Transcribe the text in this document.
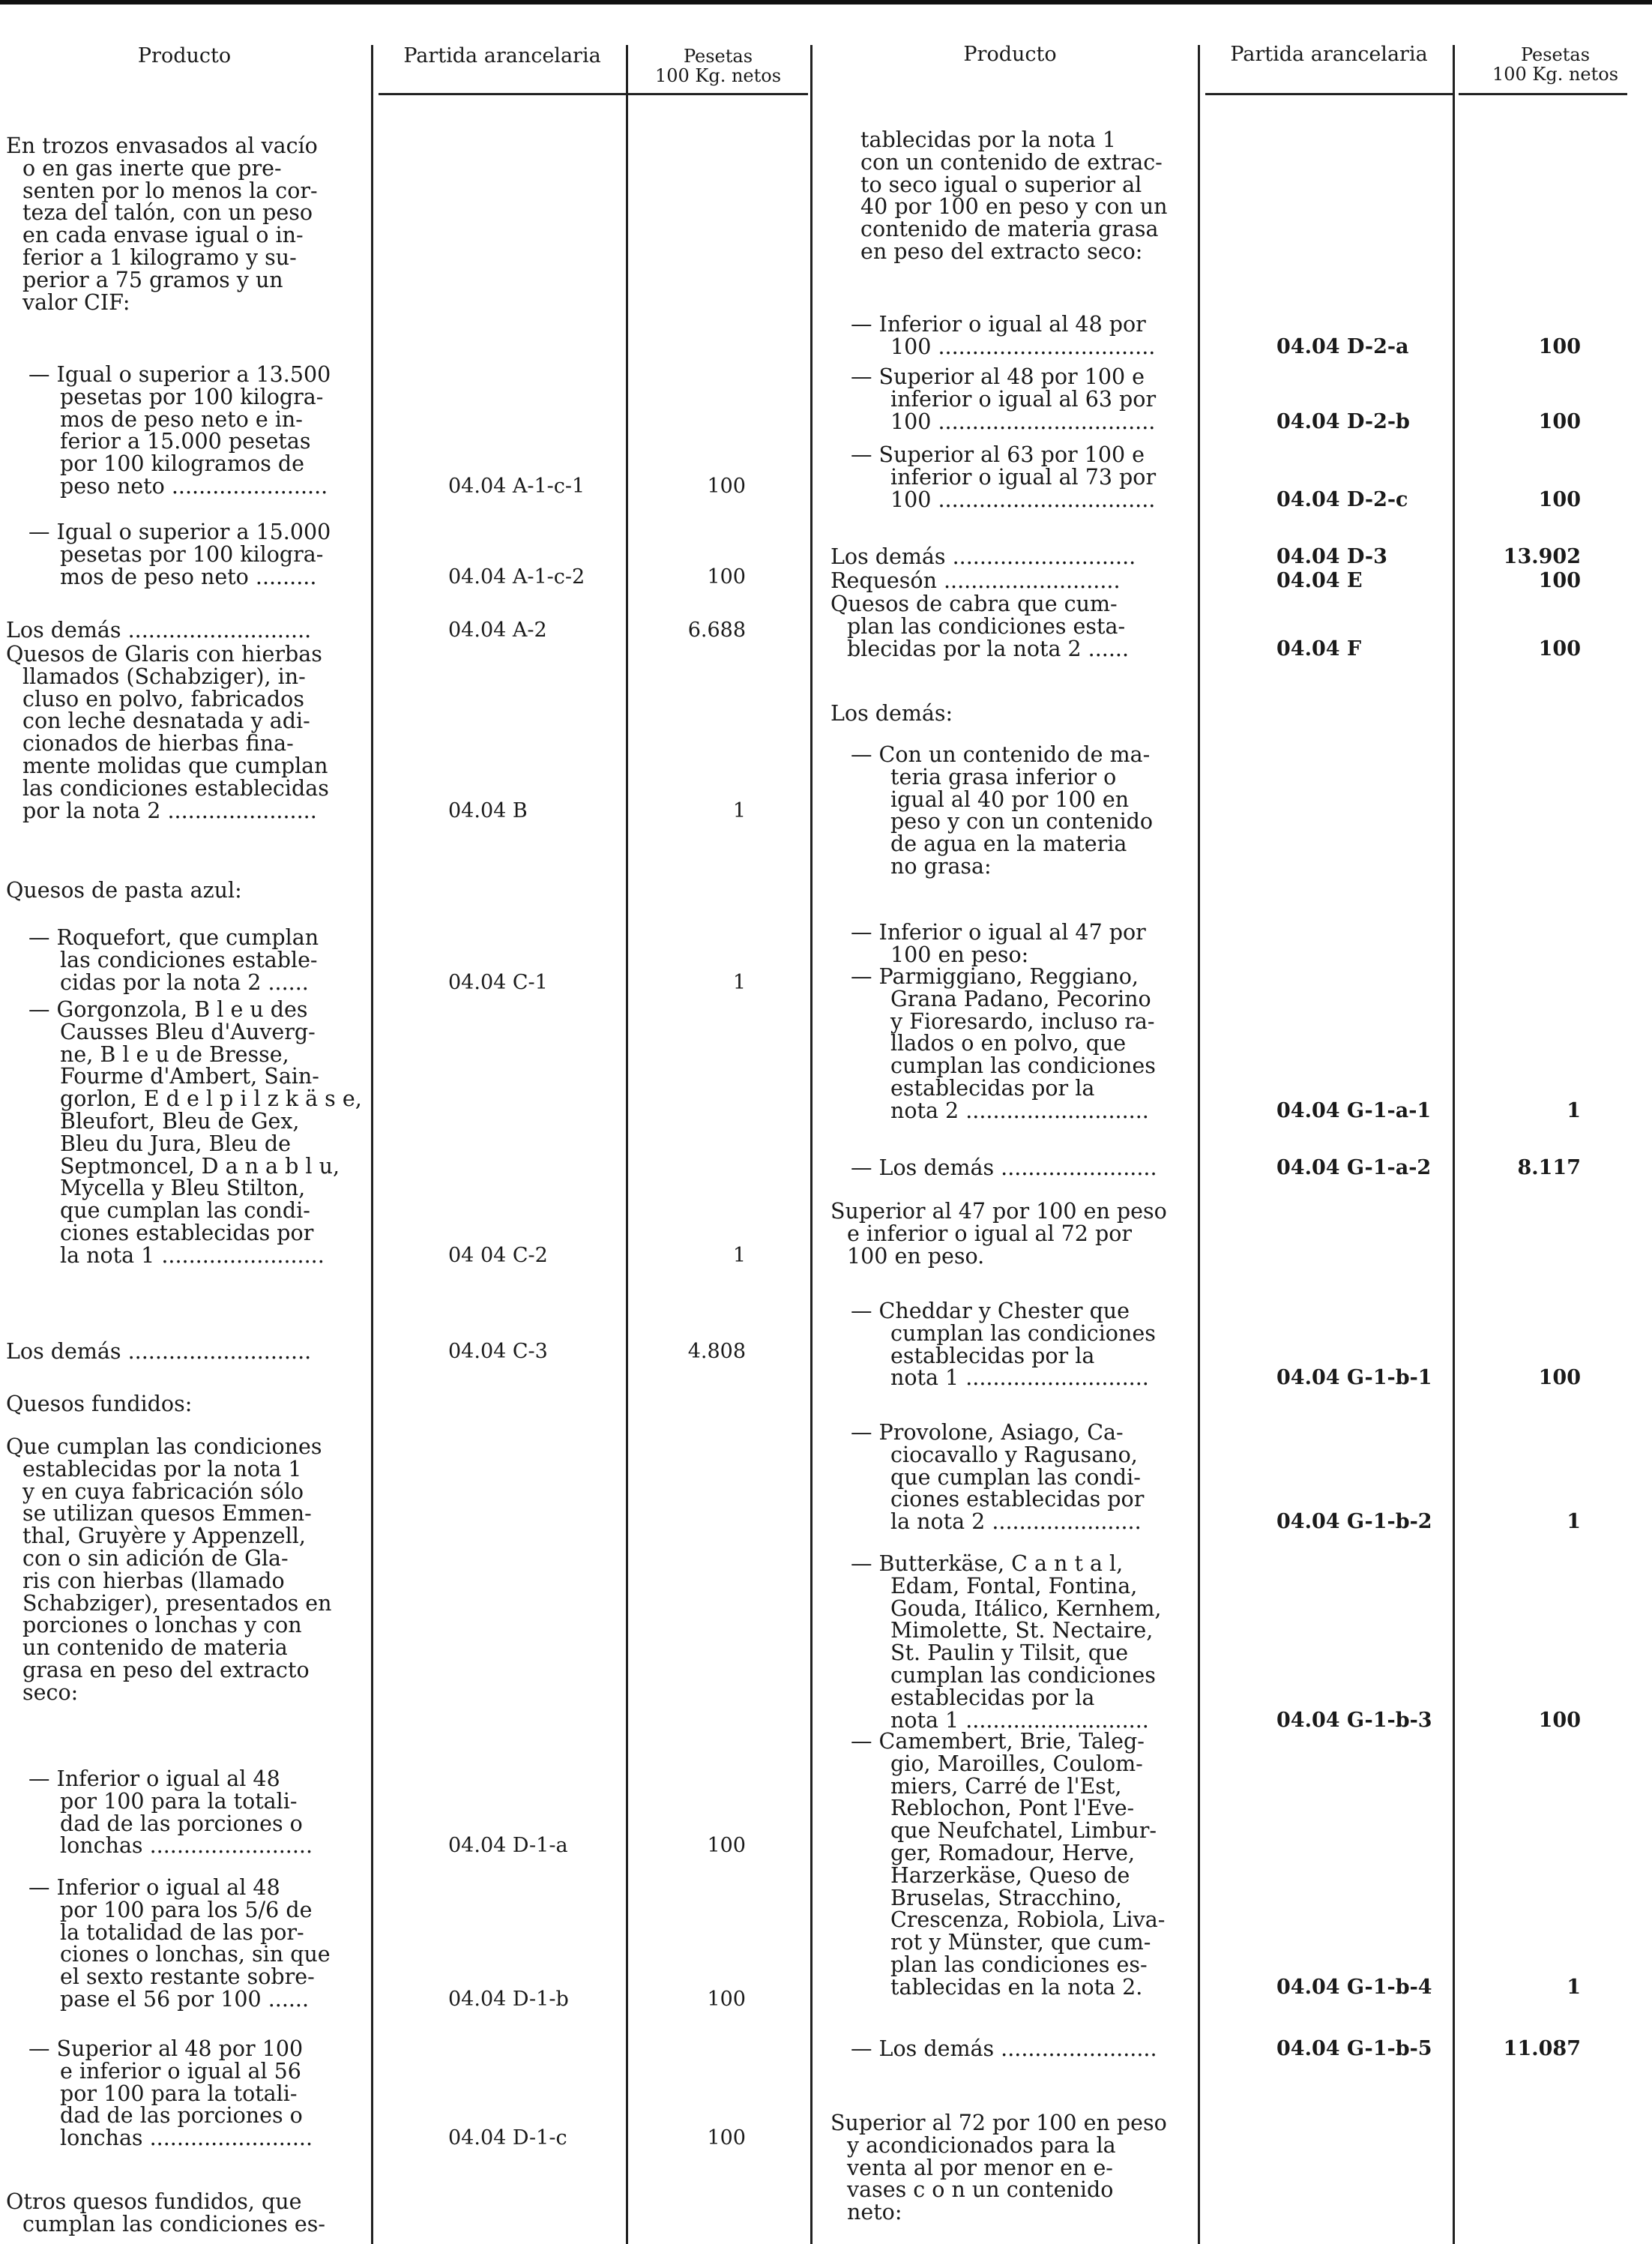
Producto	Partida arancelaria	Pesetas
100 Kg. netos
Producto	Partida arancelaria	Pesetas
100 Kg. netos
En trozos envasados al vacío
o en gas inerte que pre-
senten por lo menos la cor-
teza del talón, con un peso
en cada envase igual o in-
ferior a 1 kilogramo y su-
perior a 75 gramos y un
valor CIF:
— Igual o superior a 13.500
pesetas por 100 kilogra-
mos de peso neto e in-
ferior a 15.000 pesetas
por 100 kilogramos de
peso neto .......................	04.04 A-1-c-1	100
— Igual o superior a 15.000
pesetas por 100 kilogra-
mos de peso neto .........	04.04 A-1-c-2	100
Los demás ...........................	04.04 A-2	6.688
Quesos de Glaris con hierbas
llamados (Schabziger), in-
cluso en polvo, fabricados
con leche desnatada y adi-
cionados de hierbas fina-
mente molidas que cumplan
las condiciones establecidas
por la nota 2 ......................	04.04 B	1
Quesos de pasta azul:
— Roquefort, que cumplan
las condiciones estable-
cidas por la nota 2 ......	04.04 C-1	1
— Gorgonzola, B l e u des
Causses Bleu d'Auverg-
ne, B l e u de Bresse,
Fourme d'Ambert, Sain-
gorlon, E d e l p i l z k ä s e,
Bleufort, Bleu de Gex,
Bleu du Jura, Bleu de
Septmoncel, D a n a b l u,
Mycella y Bleu Stilton,
que cumplan las condi-
ciones establecidas por
la nota 1 ........................	04 04 C-2	1
Los demás ...........................	04.04 C-3	4.808
Quesos fundidos:
Que cumplan las condiciones
establecidas por la nota 1
y en cuya fabricación sólo
se utilizan quesos Emmen-
thal, Gruyère y Appenzell,
con o sin adición de Gla-
ris con hierbas (llamado
Schabziger), presentados en
porciones o lonchas y con
un contenido de materia
grasa en peso del extracto
seco:
— Inferior o igual al 48
por 100 para la totali-
dad de las porciones o
lonchas ........................	04.04 D-1-a	100
— Inferior o igual al 48
por 100 para los 5/6 de
la totalidad de las por-
ciones o lonchas, sin que
el sexto restante sobre-
pase el 56 por 100 ......	04.04 D-1-b	100
— Superior al 48 por 100
e inferior o igual al 56
por 100 para la totali-
dad de las porciones o
lonchas ........................	04.04 D-1-c	100
Otros quesos fundidos, que
cumplan las condiciones es-
tablecidas por la nota 1
con un contenido de extrac-
to seco igual o superior al
40 por 100 en peso y con un
contenido de materia grasa
en peso del extracto seco:
— Inferior o igual al 48 por
100 ................................	04.04 D-2-a	100
— Superior al 48 por 100 e
inferior o igual al 63 por
100 ................................	04.04 D-2-b	100
— Superior al 63 por 100 e
inferior o igual al 73 por
100 ................................	04.04 D-2-c	100
Los demás ...........................	04.04 D-3	13.902
Requesón ..........................	04.04 E	100
Quesos de cabra que cum-
plan las condiciones esta-
blecidas por la nota 2 ......	04.04 F	100
Los demás:
— Con un contenido de ma-
teria grasa inferior o
igual al 40 por 100 en
peso y con un contenido
de agua en la materia
no grasa:
— Inferior o igual al 47 por
100 en peso:
— Parmiggiano, Reggiano,
Grana Padano, Pecorino
y Fioresardo, incluso ra-
llados o en polvo, que
cumplan las condiciones
establecidas por la
nota 2 ...........................	04.04 G-1-a-1	1
— Los demás .......................	04.04 G-1-a-2	8.117
Superior al 47 por 100 en peso
e inferior o igual al 72 por
100 en peso.
— Cheddar y Chester que
cumplan las condiciones
establecidas por la
nota 1 ...........................	04.04 G-1-b-1	100
— Provolone, Asiago, Ca-
ciocavallo y Ragusano,
que cumplan las condi-
ciones establecidas por
la nota 2 ......................	04.04 G-1-b-2	1
— Butterkäse, C a n t a l,
Edam, Fontal, Fontina,
Gouda, Itálico, Kernhem,
Mimolette, St. Nectaire,
St. Paulin y Tilsit, que
cumplan las condiciones
establecidas por la
nota 1 ...........................	04.04 G-1-b-3	100
— Camembert, Brie, Taleg-
gio, Maroilles, Coulom-
miers, Carré de l'Est,
Reblochon, Pont l'Eve-
que Neufchatel, Limbur-
ger, Romadour, Herve,
Harzerkäse, Queso de
Bruselas, Stracchino,
Crescenza, Robiola, Liva-
rot y Münster, que cum-
plan las condiciones es-
tablecidas en la nota 2.	04.04 G-1-b-4	1
— Los demás .......................	04.04 G-1-b-5	11.087
Superior al 72 por 100 en peso
y acondicionados para la
venta al por menor en e-
vases c o n un contenido
neto:
